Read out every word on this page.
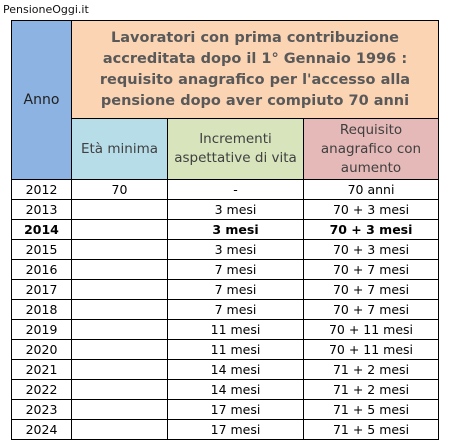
PensioneOggi.it
Anno	Lavoratori con prima contribuzione accreditata dopo il 1° Gennaio 1996 : requisito anagrafico per l'accesso alla pensione dopo aver compiuto 70 anni		
	Età minima	Incrementi aspettative di vita	Requisito anagrafico con aumento
2012	70	-	70 anni
2013		3 mesi	70 + 3 mesi
2014		3 mesi	70 + 3 mesi
2015		3 mesi	70 + 3 mesi
2016		7 mesi	70 + 7 mesi
2017		7 mesi	70 + 7 mesi
2018		7 mesi	70 + 7 mesi
2019		11 mesi	70 + 11 mesi
2020		11 mesi	70 + 11 mesi
2021		14 mesi	71 + 2 mesi
2022		14 mesi	71 + 2 mesi
2023		17 mesi	71 + 5 mesi
2024		17 mesi	71 + 5 mesi
